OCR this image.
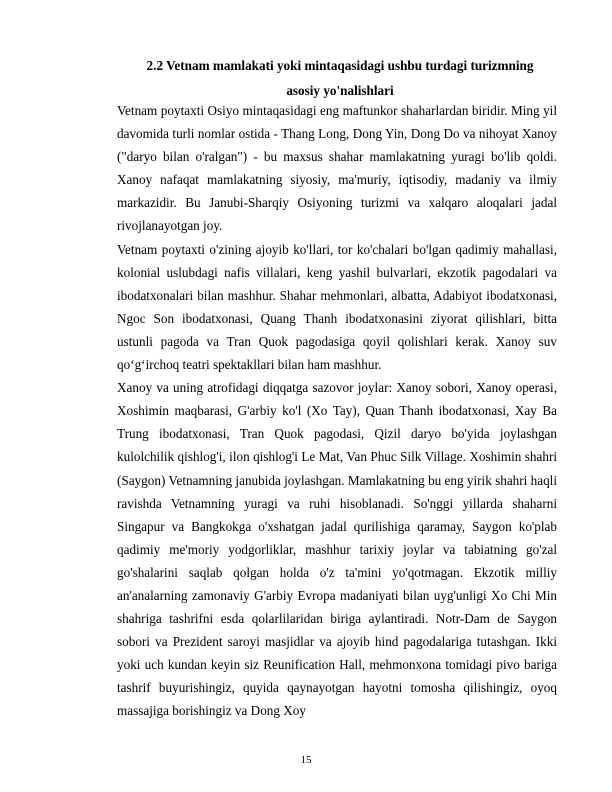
2.2 Vetnam mamlakati yoki mintaqasidagi ushbu turdagi turizmning
asosiy yo'nalishlari

Vetnam poytaxti Osiyo mintaqasidagi eng maftunkor shaharlardan biridir. Ming yil davomida turli nomlar ostida - Thang Long, Dong Yin, Dong Do va nihoyat Xanoy ("daryo bilan o'ralgan") - bu maxsus shahar mamlakatning yuragi bo'lib qoldi. Xanoy nafaqat mamlakatning siyosiy, ma'muriy, iqtisodiy, madaniy va ilmiy markazidir. Bu Janubi-Sharqiy Osiyoning turizmi va xalqaro aloqalari jadal rivojlanayotgan joy.

Vetnam poytaxti o'zining ajoyib ko'llari, tor ko'chalari bo'lgan qadimiy mahallasi, kolonial uslubdagi nafis villalari, keng yashil bulvarlari, ekzotik pagodalari va ibodatxonalari bilan mashhur. Shahar mehmonlari, albatta, Adabiyot ibodatxonasi, Ngoc Son ibodatxonasi, Quang Thanh ibodatxonasini ziyorat qilishlari, bitta ustunli pagoda va Tran Quok pagodasiga qoyil qolishlari kerak. Xanoy suv qo‘g‘irchoq teatri spektakllari bilan ham mashhur.

Xanoy va uning atrofidagi diqqatga sazovor joylar: Xanoy sobori, Xanoy operasi, Xoshimin maqbarasi, G'arbiy ko'l (Xo Tay), Quan Thanh ibodatxonasi, Xay Ba Trung ibodatxonasi, Tran Quok pagodasi, Qizil daryo bo'yida joylashgan kulolchilik qishlog'i, ilon qishlog'i Le Mat, Van Phuc Silk Village. Xoshimin shahri (Saygon) Vetnamning janubida joylashgan. Mamlakatning bu eng yirik shahri haqli ravishda Vetnamning yuragi va ruhi hisoblanadi. So'nggi yillarda shaharni Singapur va Bangkokga o'xshatgan jadal qurilishiga qaramay, Saygon ko'plab qadimiy me'moriy yodgorliklar, mashhur tarixiy joylar va tabiatning go'zal go'shalarini saqlab qolgan holda o'z ta'mini yo'qotmagan. Ekzotik milliy an'analarning zamonaviy G'arbiy Evropa madaniyati bilan uyg'unligi Xo Chi Min shahriga tashrifni esda qolarlilaridan biriga aylantiradi. Notr-Dam de Saygon sobori va Prezident saroyi masjidlar va ajoyib hind pagodalariga tutashgan. Ikki yoki uch kundan keyin siz Reunification Hall, mehmonxona tomidagi pivo bariga tashrif buyurishingiz, quyida qaynayotgan hayotni tomosha qilishingiz, oyoq massajiga borishingiz va Dong Xoy

15
